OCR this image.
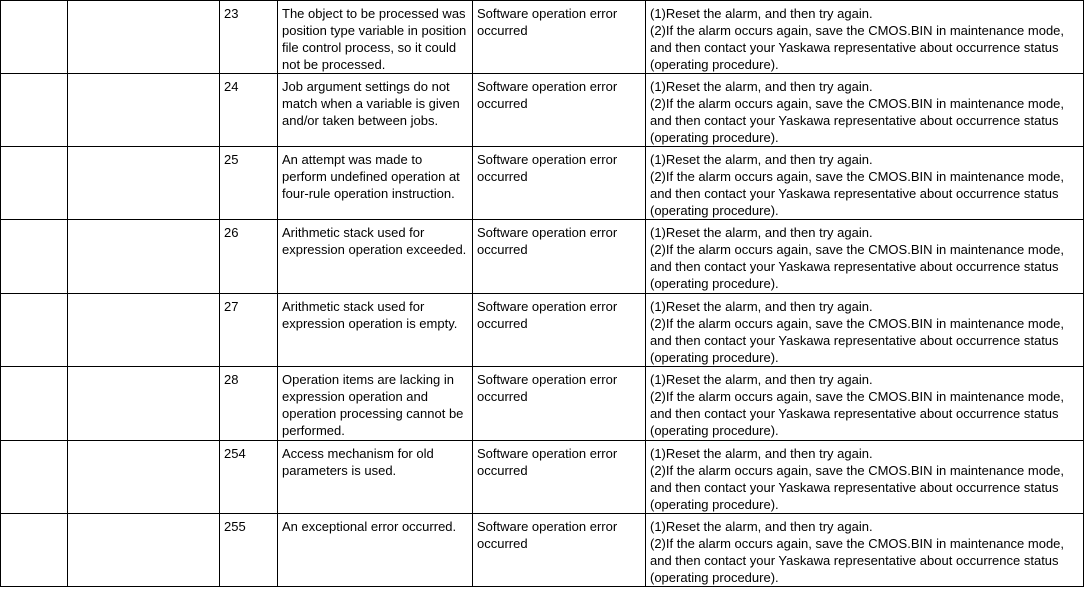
		23	The object to be processed was position type variable in position file control process, so it could not be processed.	Software operation error occurred	(1)Reset the alarm, and then try again.
(2)If the alarm occurs again, save the CMOS.BIN in maintenance mode, and then contact your Yaskawa representative about occurrence status (operating procedure).
		24	Job argument settings do not match when a variable is given and/or taken between jobs.	Software operation error occurred	(1)Reset the alarm, and then try again.
(2)If the alarm occurs again, save the CMOS.BIN in maintenance mode, and then contact your Yaskawa representative about occurrence status (operating procedure).
		25	An attempt was made to perform undefined operation at four-rule operation instruction.	Software operation error occurred	(1)Reset the alarm, and then try again.
(2)If the alarm occurs again, save the CMOS.BIN in maintenance mode, and then contact your Yaskawa representative about occurrence status (operating procedure).
		26	Arithmetic stack used for expression operation exceeded.	Software operation error occurred	(1)Reset the alarm, and then try again.
(2)If the alarm occurs again, save the CMOS.BIN in maintenance mode, and then contact your Yaskawa representative about occurrence status (operating procedure).
		27	Arithmetic stack used for expression operation is empty.	Software operation error occurred	(1)Reset the alarm, and then try again.
(2)If the alarm occurs again, save the CMOS.BIN in maintenance mode, and then contact your Yaskawa representative about occurrence status (operating procedure).
		28	Operation items are lacking in expression operation and operation processing cannot be performed.	Software operation error occurred	(1)Reset the alarm, and then try again.
(2)If the alarm occurs again, save the CMOS.BIN in maintenance mode, and then contact your Yaskawa representative about occurrence status (operating procedure).
		254	Access mechanism for old parameters is used.	Software operation error occurred	(1)Reset the alarm, and then try again.
(2)If the alarm occurs again, save the CMOS.BIN in maintenance mode, and then contact your Yaskawa representative about occurrence status (operating procedure).
		255	An exceptional error occurred.	Software operation error occurred	(1)Reset the alarm, and then try again.
(2)If the alarm occurs again, save the CMOS.BIN in maintenance mode, and then contact your Yaskawa representative about occurrence status (operating procedure).
